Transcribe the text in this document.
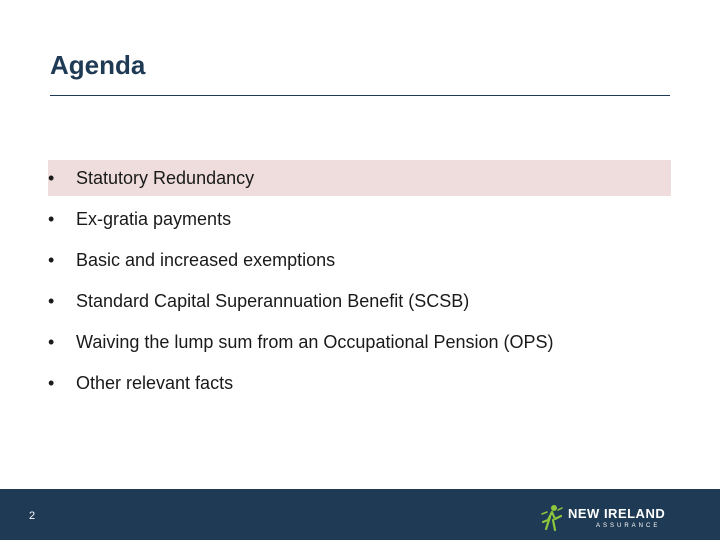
Agenda
•	Statutory Redundancy
•	Ex-gratia payments
•	Basic and increased exemptions
•	Standard Capital Superannuation Benefit (SCSB)
•	Waiving the lump sum from an Occupational Pension (OPS)
•	Other relevant facts
2	NEW IRELAND
ASSURANCE
